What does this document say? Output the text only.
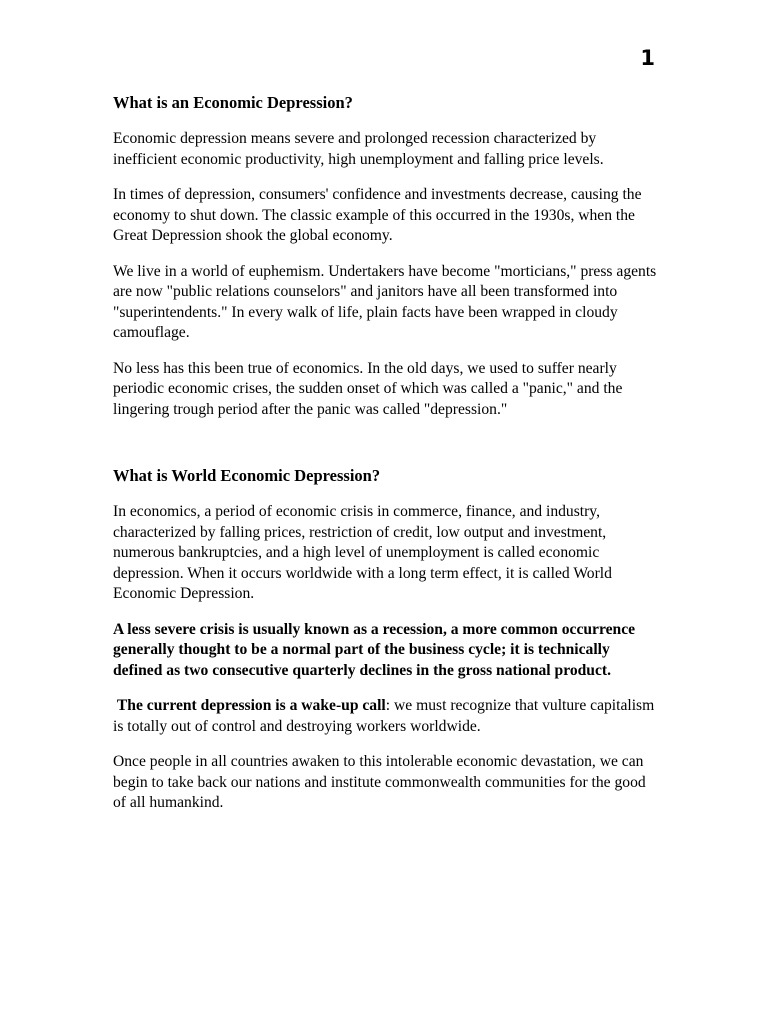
1
What is an Economic Depression?

Economic depression means severe and prolonged recession characterized by inefficient economic productivity, high unemployment and falling price levels.

In times of depression, consumers' confidence and investments decrease, causing the economy to shut down. The classic example of this occurred in the 1930s, when the Great Depression shook the global economy.

We live in a world of euphemism. Undertakers have become "morticians," press agents are now "public relations counselors" and janitors have all been transformed into "superintendents." In every walk of life, plain facts have been wrapped in cloudy camouflage.

No less has this been true of economics. In the old days, we used to suffer nearly periodic economic crises, the sudden onset of which was called a "panic," and the lingering trough period after the panic was called "depression."

What is World Economic Depression?

In economics, a period of economic crisis in commerce, finance, and industry, characterized by falling prices, restriction of credit, low output and investment, numerous bankruptcies, and a high level of unemployment is called economic depression. When it occurs worldwide with a long term effect, it is called World Economic Depression.

A less severe crisis is usually known as a recession, a more common occurrence generally thought to be a normal part of the business cycle; it is technically defined as two consecutive quarterly declines in the gross national product.

The current depression is a wake-up call: we must recognize that vulture capitalism is totally out of control and destroying workers worldwide.

Once people in all countries awaken to this intolerable economic devastation, we can begin to take back our nations and institute commonwealth communities for the good of all humankind.
